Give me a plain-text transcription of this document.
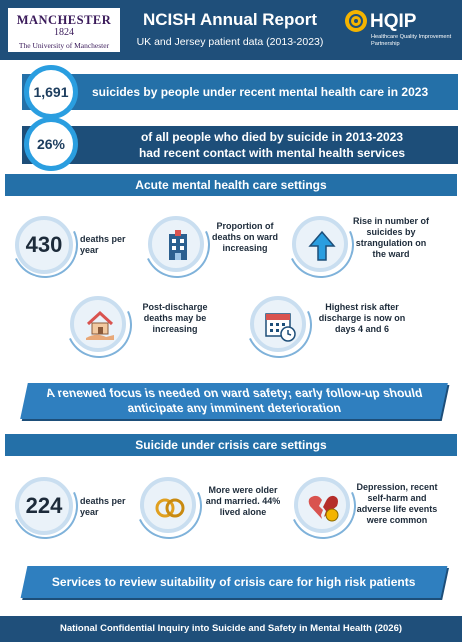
MANCHESTER
1824
The University of Manchester
NCISH Annual Report
UK and Jersey patient data (2013-2023)
HQIP
Healthcare Quality Improvement Partnership
1,691	suicides by people under recent mental health care in 2023
26%	of all people who died by suicide in 2013-2023
had recent contact with mental health services
Acute mental health care settings
430	deaths per year
Proportion of deaths on ward increasing
Rise in number of suicides by strangulation on the ward
Post-discharge deaths may be increasing
Highest risk after discharge is now on days 4 and 6
A renewed focus is needed on ward safety; early follow-up should
anticipate any imminent deterioration
Suicide under crisis care settings
224	deaths per year
More were older and married. 44% lived alone
Depression, recent self-harm and adverse life events were common
Services to review suitability of crisis care for high risk patients
National Confidential Inquiry into Suicide and Safety in Mental Health (2026)
